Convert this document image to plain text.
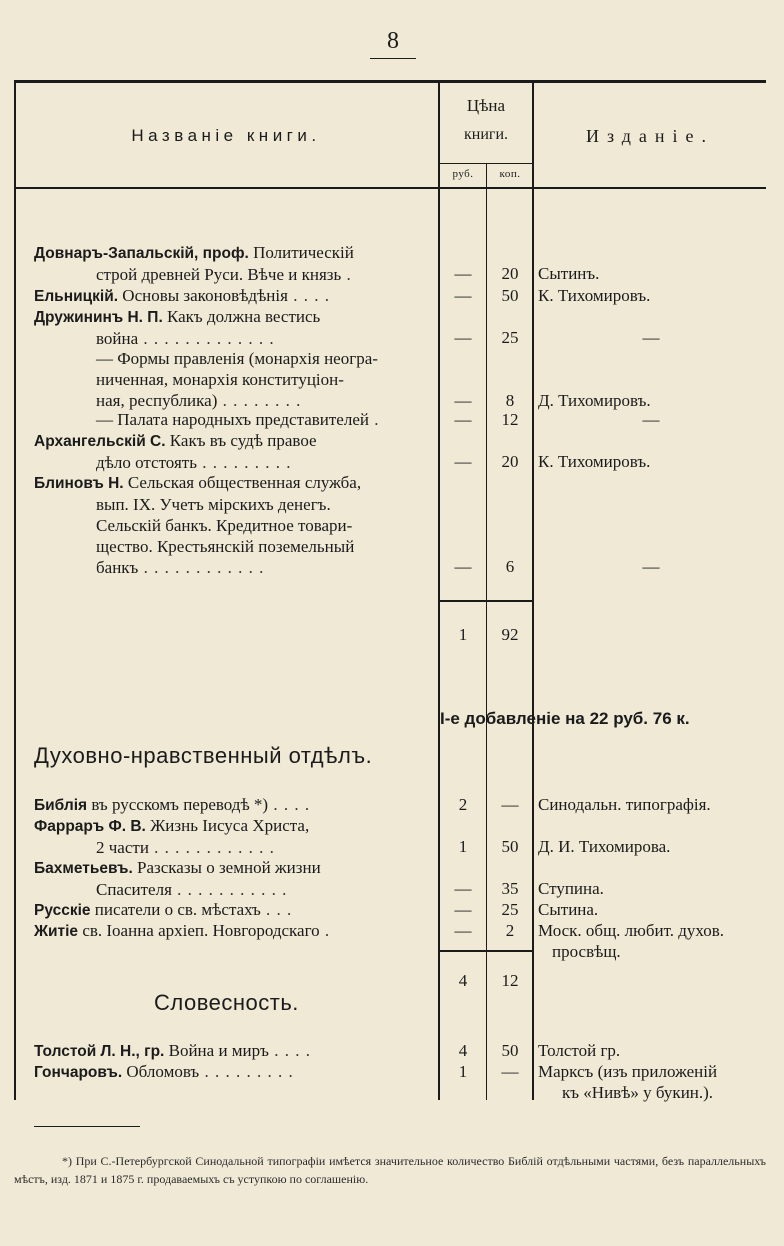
8
Названіе книги.
Цѣна
книги.
руб.	коп.
Изданіе.
Довнаръ-Запальскій, проф. Политическій
строй древней Руси. Вѣче и князь .	—	20	Сытинъ.
Ельницкій. Основы законовѣдѣнія . . . .	—	50	К. Тихомировъ.
Дружининъ Н. П. Какъ должна вестись
война . . . . . . . . . . . . .	—	25	—
— Формы правленія (монархія неогра-
ниченная, монархія конституціон-
ная, республика) . . . . . . . .	—	8	Д. Тихомировъ.
— Палата народныхъ представителей .	—	12	—
Архангельскій С. Какъ въ судѣ правое
дѣло отстоять . . . . . . . . .	—	20	К. Тихомировъ.
Блиновъ Н. Сельская общественная служба,
вып. IX. Учетъ мірскихъ денегъ.
Сельскій банкъ. Кредитное товари-
щество. Крестьянскій поземельный
банкъ . . . . . . . . . . . .	—	6	—
1	92
I-е добавленіе на 22 руб. 76 к.
Духовно-нравственный отдѣлъ.
Библія въ русскомъ переводѣ *) . . . .	2	—	Синодальн. типографія.
Фарраръ Ф. В. Жизнь Іисуса Христа,
2 части . . . . . . . . . . . .	1	50	Д. И. Тихомирова.
Бахметьевъ. Разсказы о земной жизни
Спасителя . . . . . . . . . . .	—	35	Ступина.
Русскіе писатели о св. мѣстахъ . . .	—	25	Сытина.
Житіе св. Іоанна архіеп. Новгородскаго .	—	2	Моск. общ. любит. духов.
просвѣщ.
4	12
Словесность.
Толстой Л. Н., гр. Война и миръ . . . .	4	50	Толстой гр.
Гончаровъ. Обломовъ . . . . . . . . .	1	—	Марксъ (изъ приложеній
къ «Нивѣ» у букин.).
*) При С.-Петербургской Синодальной типографіи имѣется значительное количество Библій отдѣльными частями, безъ параллельныхъ мѣстъ, изд. 1871 и 1875 г. продаваемыхъ съ уступкою по соглашенію.
